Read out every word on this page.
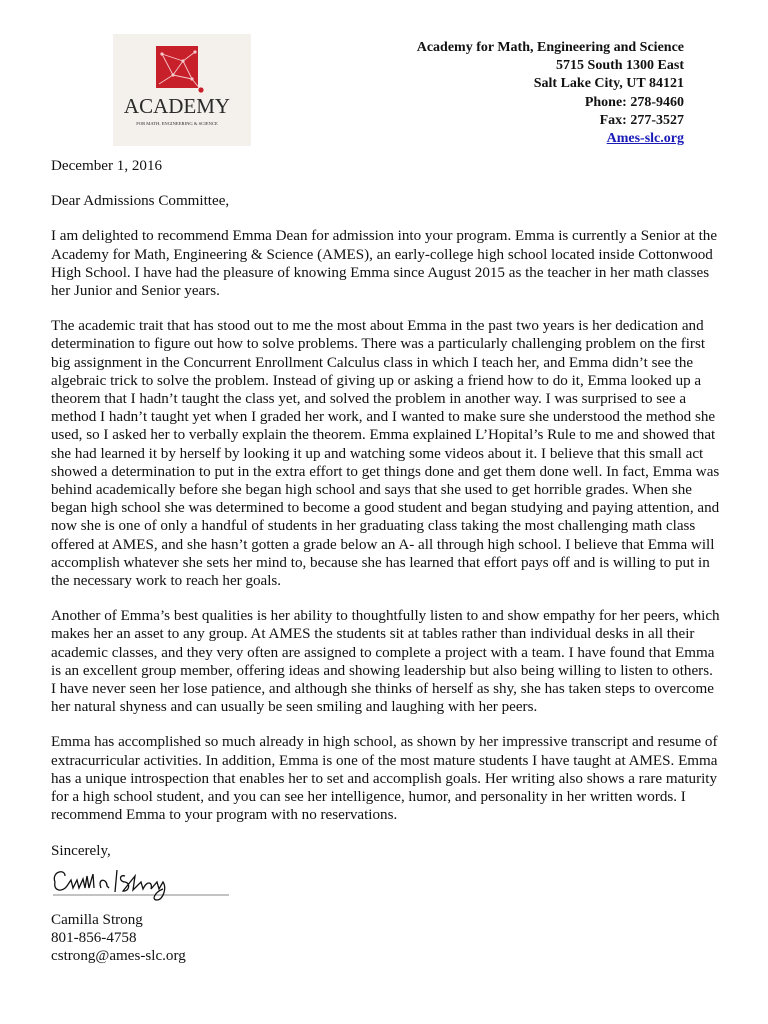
ACADEMY
FOR MATH, ENGINEERING & SCIENCE
Academy for Math, Engineering and Science
5715 South 1300 East
Salt Lake City, UT 84121
Phone: 278-9460
Fax: 277-3527
Ames-slc.org

December 1, 2016

Dear Admissions Committee,

I am delighted to recommend Emma Dean for admission into your program. Emma is currently a Senior at the Academy for Math, Engineering & Science (AMES), an early-college high school located inside Cottonwood High School. I have had the pleasure of knowing Emma since August 2015 as the teacher in her math classes her Junior and Senior years.

The academic trait that has stood out to me the most about Emma in the past two years is her dedication and determination to figure out how to solve problems. There was a particularly challenging problem on the first big assignment in the Concurrent Enrollment Calculus class in which I teach her, and Emma didn’t see the algebraic trick to solve the problem. Instead of giving up or asking a friend how to do it, Emma looked up a theorem that I hadn’t taught the class yet, and solved the problem in another way. I was surprised to see a method I hadn’t taught yet when I graded her work, and I wanted to make sure she understood the method she used, so I asked her to verbally explain the theorem. Emma explained L’Hopital’s Rule to me and showed that she had learned it by herself by looking it up and watching some videos about it. I believe that this small act showed a determination to put in the extra effort to get things done and get them done well. In fact, Emma was behind academically before she began high school and says that she used to get horrible grades. When she began high school she was determined to become a good student and began studying and paying attention, and now she is one of only a handful of students in her graduating class taking the most challenging math class offered at AMES, and she hasn’t gotten a grade below an A- all through high school. I believe that Emma will accomplish whatever she sets her mind to, because she has learned that effort pays off and is willing to put in the necessary work to reach her goals.

Another of Emma’s best qualities is her ability to thoughtfully listen to and show empathy for her peers, which makes her an asset to any group. At AMES the students sit at tables rather than individual desks in all their academic classes, and they very often are assigned to complete a project with a team. I have found that Emma is an excellent group member, offering ideas and showing leadership but also being willing to listen to others. I have never seen her lose patience, and although she thinks of herself as shy, she has taken steps to overcome her natural shyness and can usually be seen smiling and laughing with her peers.

Emma has accomplished so much already in high school, as shown by her impressive transcript and resume of extracurricular activities. In addition, Emma is one of the most mature students I have taught at AMES. Emma has a unique introspection that enables her to set and accomplish goals. Her writing also shows a rare maturity for a high school student, and you can see her intelligence, humor, and personality in her written words. I recommend Emma to your program with no reservations.

Sincerely,

Camilla Strong
801-856-4758
cstrong@ames-slc.org
